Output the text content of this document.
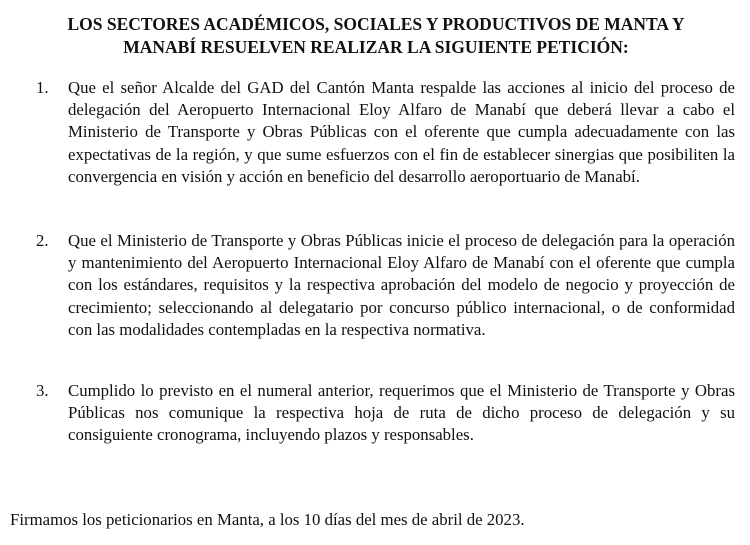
LOS SECTORES ACADÉMICOS, SOCIALES Y PRODUCTIVOS DE MANTA Y
MANABÍ RESUELVEN REALIZAR LA SIGUIENTE PETICIÓN:
1. Que el señor Alcalde del GAD del Cantón Manta respalde las acciones al inicio del proceso de delegación del Aeropuerto Internacional Eloy Alfaro de Manabí que deberá llevar a cabo el Ministerio de Transporte y Obras Públicas con el oferente que cumpla adecuadamente con las expectativas de la región, y que sume esfuerzos con el fin de establecer sinergias que posibiliten la convergencia en visión y acción en beneficio del desarrollo aeroportuario de Manabí.
2. Que el Ministerio de Transporte y Obras Públicas inicie el proceso de delegación para la operación y mantenimiento del Aeropuerto Internacional Eloy Alfaro de Manabí con el oferente que cumpla con los estándares, requisitos y la respectiva aprobación del modelo de negocio y proyección de crecimiento; seleccionando al delegatario por concurso público internacional, o de conformidad con las modalidades contempladas en la respectiva normativa.
3. Cumplido lo previsto en el numeral anterior, requerimos que el Ministerio de Transporte y Obras Públicas nos comunique la respectiva hoja de ruta de dicho proceso de delegación y su consiguiente cronograma, incluyendo plazos y responsables.
Firmamos los peticionarios en Manta, a los 10 días del mes de abril de 2023.
